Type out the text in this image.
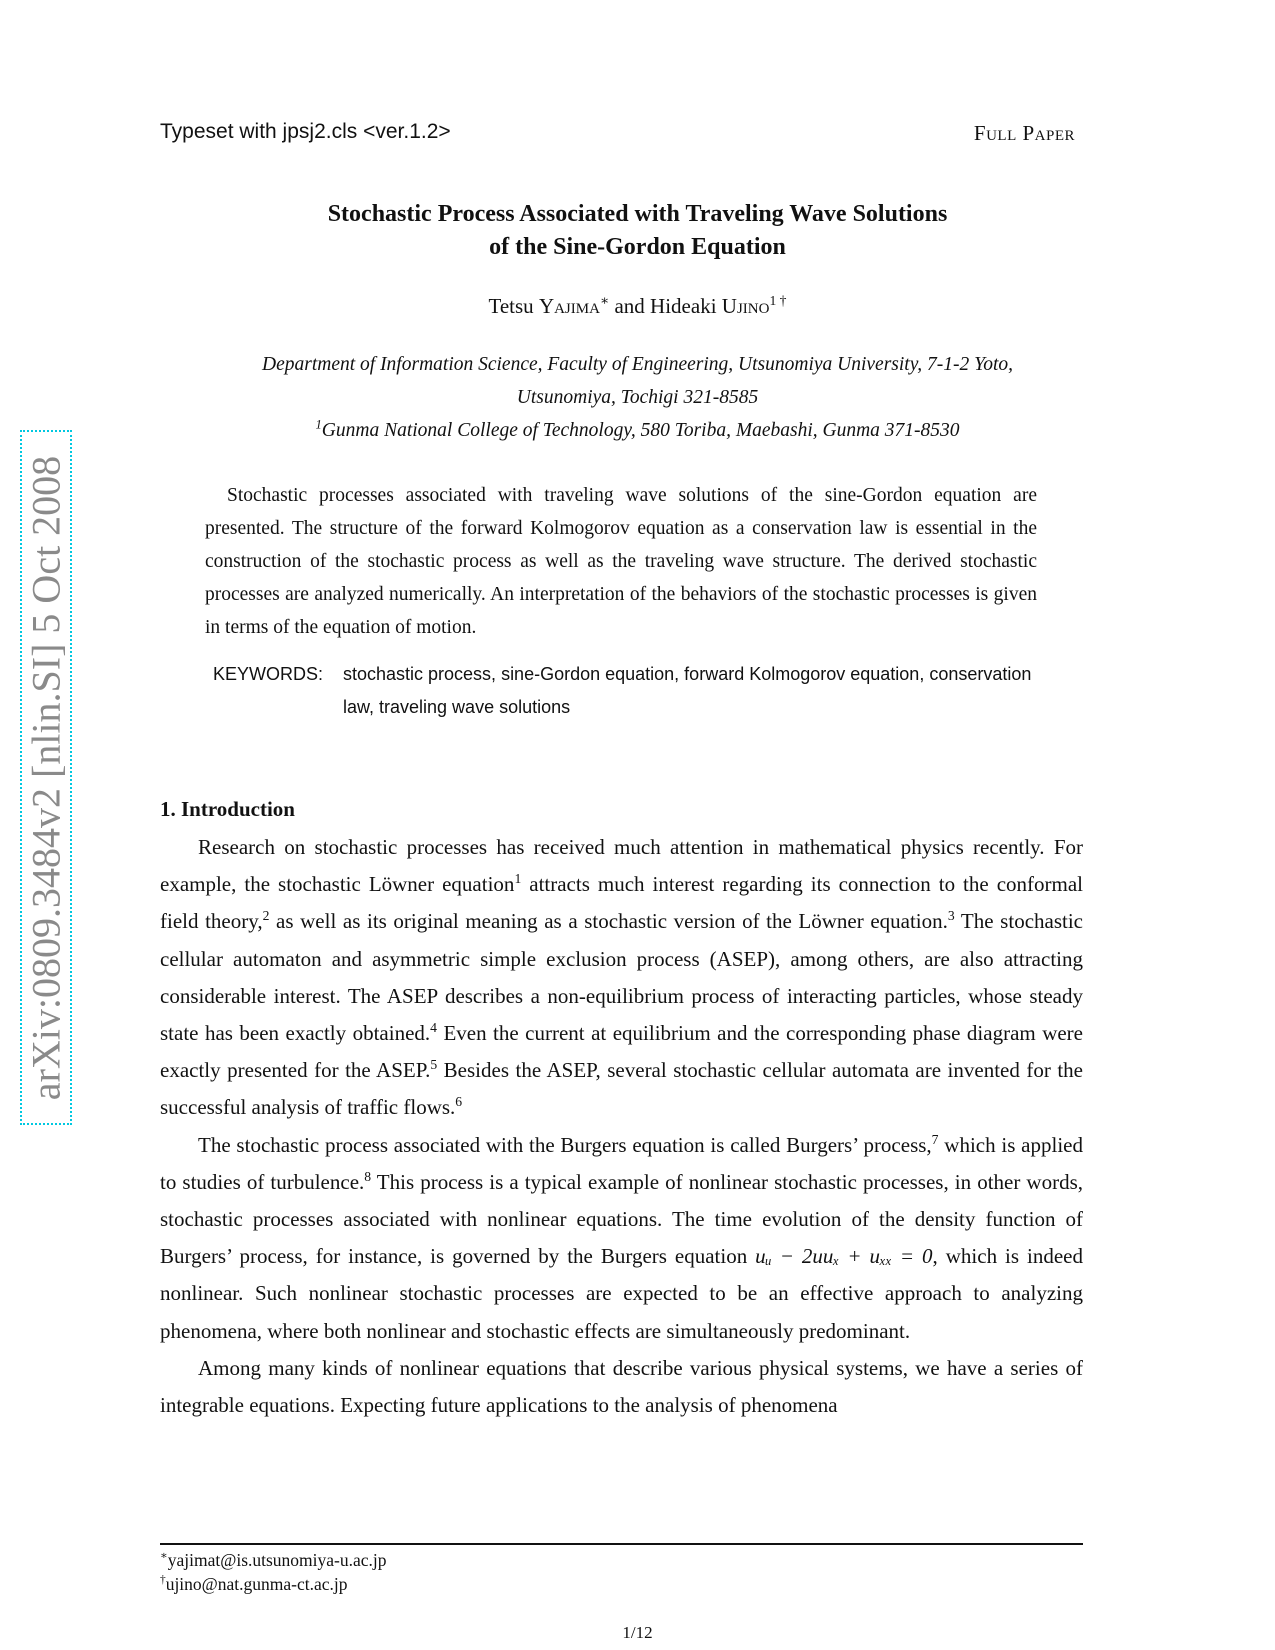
Typeset with jpsj2.cls <ver.1.2>	Full Paper
Stochastic Process Associated with Traveling Wave Solutions
of the Sine-Gordon Equation
Tetsu Yajima∗ and Hideaki Ujino$^{1 \dagger}$

Department of Information Science, Faculty of Engineering, Utsunomiya University, 7-1-2 Yoto,

Utsunomiya, Tochigi 321-8585

$^1$Gunma National College of Technology, 580 Toriba, Maebashi, Gunma 371-8530

Stochastic processes associated with traveling wave solutions of the sine-Gordon equation are presented. The structure of the forward Kolmogorov equation as a conservation law is essential in the construction of the stochastic process as well as the traveling wave structure. The derived stochastic processes are analyzed numerically. An interpretation of the behaviors of the stochastic processes is given in terms of the equation of motion.

KEYWORDS:	stochastic process, sine-Gordon equation, forward Kolmogorov equation, conservation law, traveling wave solutions
1. Introduction

Research on stochastic processes has received much attention in mathematical physics recently. For example, the stochastic Löwner equation$^1$ attracts much interest regarding its connection to the conformal field theory,$^2$ as well as its original meaning as a stochastic version of the Löwner equation.$^3$ The stochastic cellular automaton and asymmetric simple exclusion process (ASEP), among others, are also attracting considerable interest. The ASEP describes a non-equilibrium process of interacting particles, whose steady state has been exactly obtained.$^4$ Even the current at equilibrium and the corresponding phase diagram were exactly presented for the ASEP.$^5$ Besides the ASEP, several stochastic cellular automata are invented for the successful analysis of traffic flows.$^6$

The stochastic process associated with the Burgers equation is called Burgers’ process,$^7$ which is applied to studies of turbulence.$^8$ This process is a typical example of nonlinear stochastic processes, in other words, stochastic processes associated with nonlinear equations. The time evolution of the density function of Burgers’ process, for instance, is governed by the Burgers equation uᵤ − 2uuₓ + uₓₓ = 0, which is indeed nonlinear. Such nonlinear stochastic processes are expected to be an effective approach to analyzing phenomena, where both nonlinear and stochastic effects are simultaneously predominant.

Among many kinds of nonlinear equations that describe various physical systems, we have a series of integrable equations. Expecting future applications to the analysis of phenomena

∗yajimat@is.utsunomiya-u.ac.jp
†ujino@nat.gunma-ct.ac.jp
1/12
arXiv:0809.3484v2 [nlin.SI] 5 Oct 2008
